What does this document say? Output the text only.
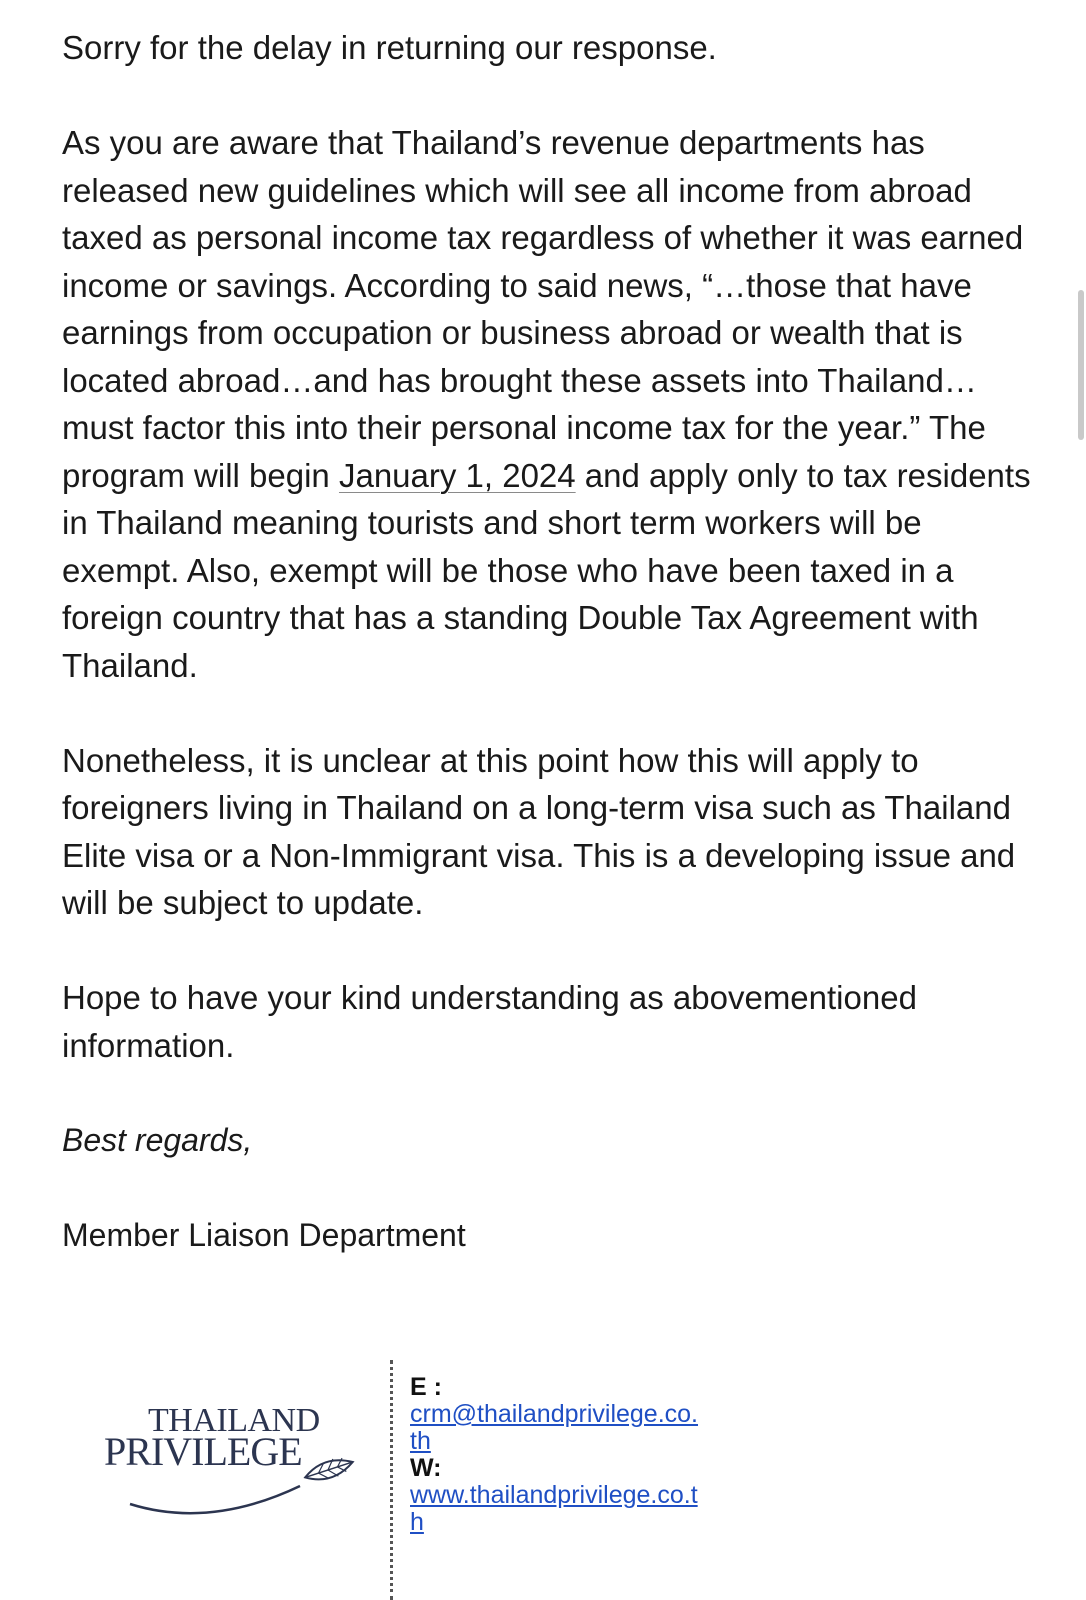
Sorry for the delay in returning our response.

As you are aware that Thailand’s revenue departments has released new guidelines which will see all income from abroad taxed as personal income tax regardless of whether it was earned income or savings. According to said news, “…those that have earnings from occupation or business abroad or wealth that is located abroad…and has brought these assets into Thailand…must factor this into their personal income tax for the year.” The program will begin January 1, 2024 and apply only to tax residents in Thailand meaning tourists and short term workers will be exempt. Also, exempt will be those who have been taxed in a foreign country that has a standing Double Tax Agreement with Thailand.

Nonetheless, it is unclear at this point how this will apply to foreigners living in Thailand on a long-term visa such as Thailand Elite visa or a Non-Immigrant visa. This is a developing issue and will be subject to update.

Hope to have your kind understanding as abovementioned information.

Best regards,

Member Liaison Department

THAILAND
PRIVILEGE
E :
crm@thailandprivilege.co.th
W:
www.thailandprivilege.co.th
